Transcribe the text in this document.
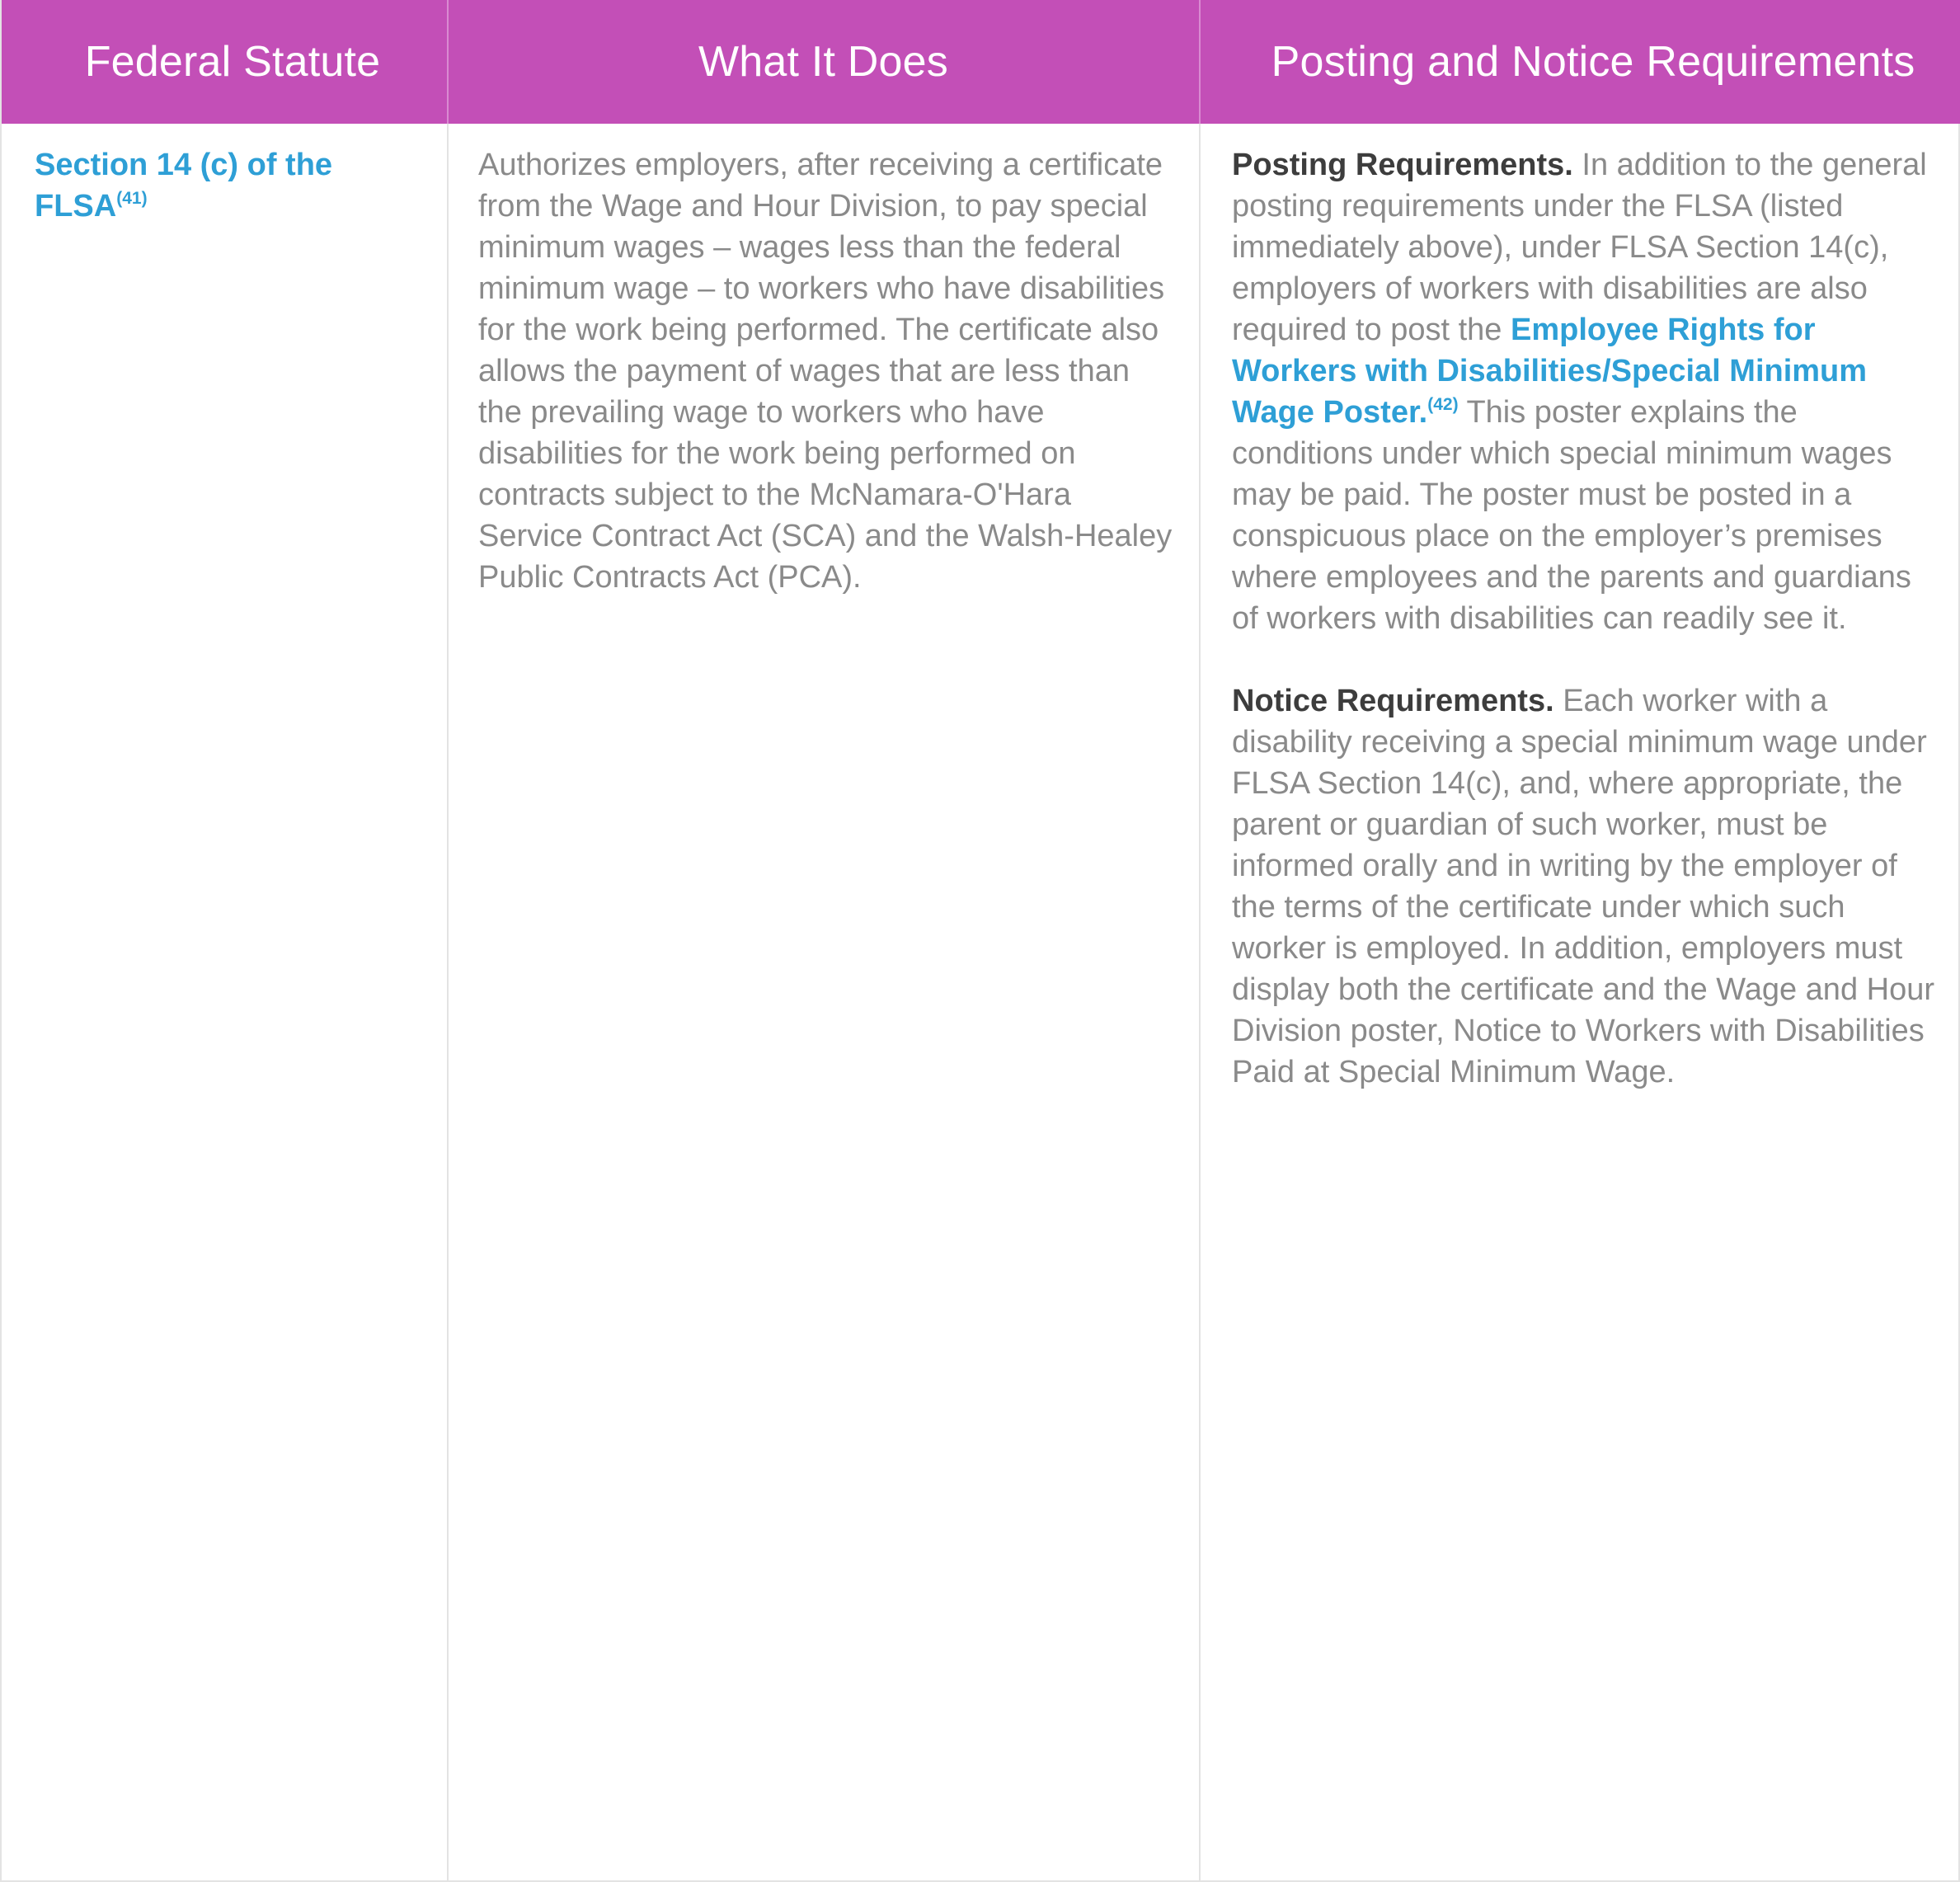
Federal Statute	What It Does	Posting and Notice Requirements
Section 14 (c) of the FLSA$^{(41)}$

Authorizes employers, after receiving a certificate from the Wage and Hour Division, to pay special minimum wages – wages less than the federal minimum wage – to workers who have disabilities for the work being performed. The certificate also allows the payment of wages that are less than the prevailing wage to workers who have disabilities for the work being performed on contracts subject to the McNamara-O'Hara Service Contract Act (SCA) and the Walsh-Healey Public Contracts Act (PCA).

Posting Requirements. In addition to the general posting requirements under the FLSA (listed immediately above), under FLSA Section 14(c), employers of workers with disabilities are also required to post the Employee Rights for Workers with Disabilities/Special Minimum Wage Poster.$^{(42)}$ This poster explains the conditions under which special minimum wages may be paid. The poster must be posted in a conspicuous place on the employer’s premises where employees and the parents and guardians of workers with disabilities can readily see it.

Notice Requirements. Each worker with a disability receiving a special minimum wage under FLSA Section 14(c), and, where appropriate, the parent or guardian of such worker, must be informed orally and in writing by the employer of the terms of the certificate under which such worker is employed. In addition, employers must display both the certificate and the Wage and Hour Division poster, Notice to Workers with Disabilities Paid at Special Minimum Wage.
